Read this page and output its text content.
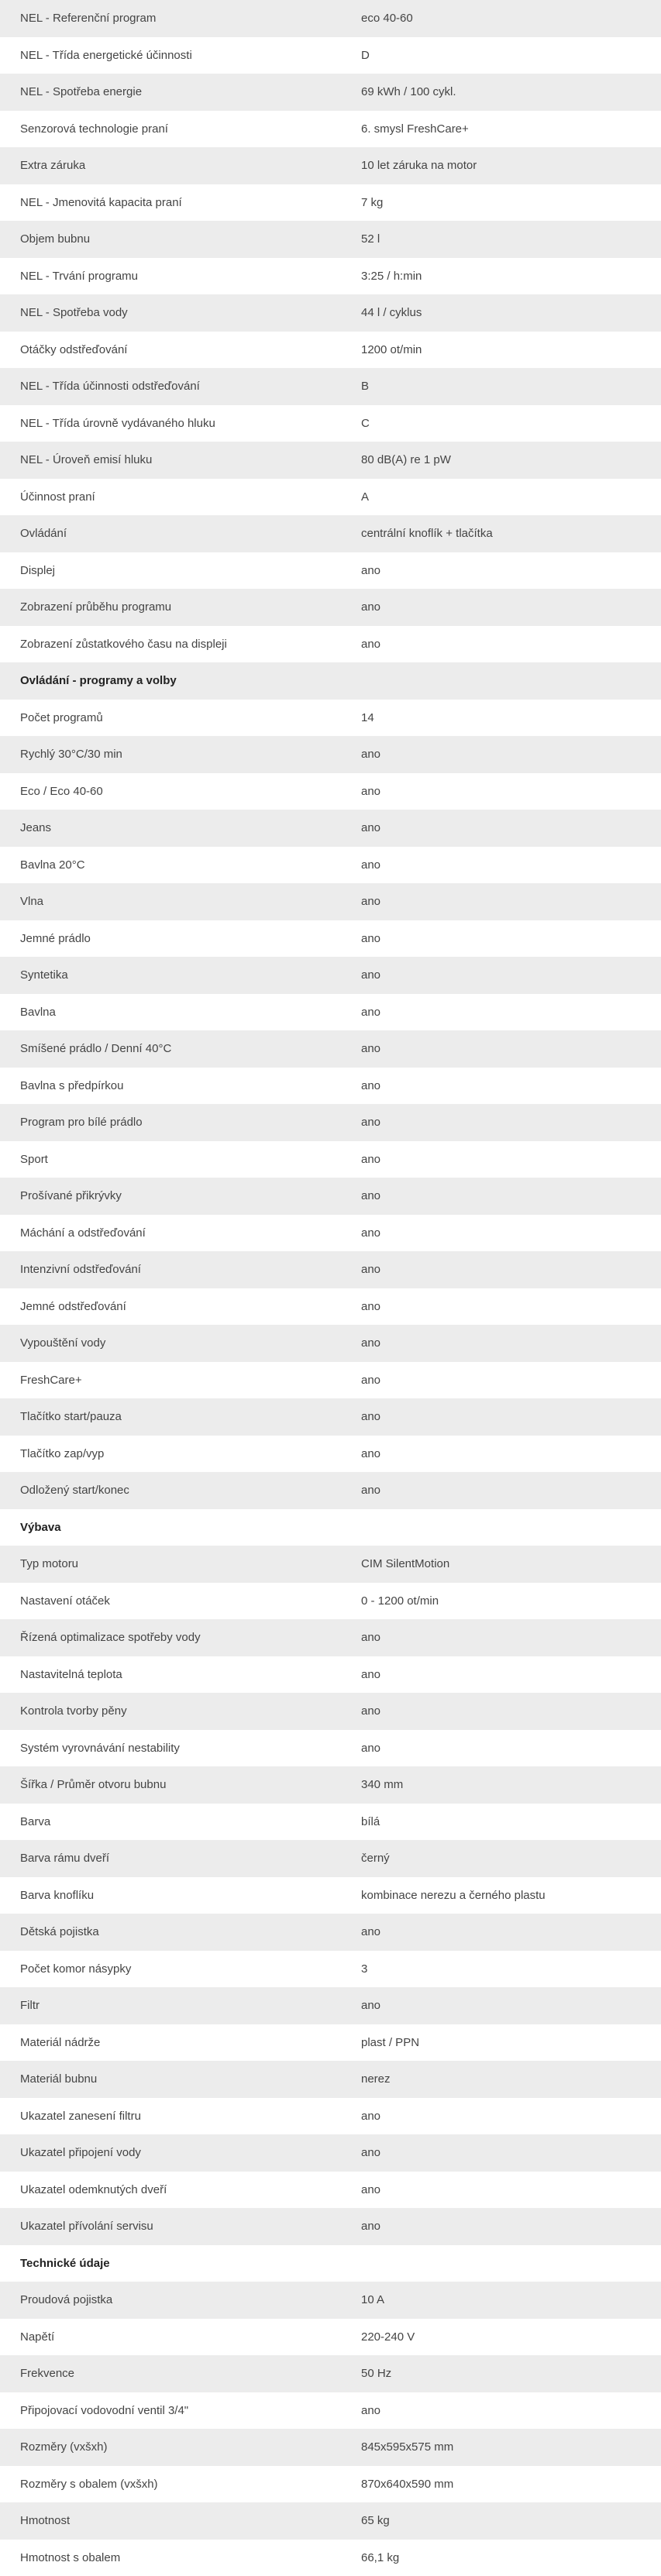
NEL - Referenční program	eco 40-60
NEL - Třída energetické účinnosti	D
NEL - Spotřeba energie	69 kWh / 100 cykl.
Senzorová technologie praní	6. smysl FreshCare+
Extra záruka	10 let záruka na motor
NEL - Jmenovitá kapacita praní	7 kg
Objem bubnu	52 l
NEL - Trvání programu	3:25 / h:min
NEL - Spotřeba vody	44 l / cyklus
Otáčky odstřeďování	1200 ot/min
NEL - Třída účinnosti odstřeďování	B
NEL - Třída úrovně vydávaného hluku	C
NEL - Úroveň emisí hluku	80 dB(A) re 1 pW
Účinnost praní	A
Ovládání	centrální knoflík + tlačítka
Displej	ano
Zobrazení průběhu programu	ano
Zobrazení zůstatkového času na displeji	ano
Ovládání - programy a volby
Počet programů	14
Rychlý 30°C/30 min	ano
Eco / Eco 40-60	ano
Jeans	ano
Bavlna 20°C	ano
Vlna	ano
Jemné prádlo	ano
Syntetika	ano
Bavlna	ano
Smíšené prádlo / Denní 40°C	ano
Bavlna s předpírkou	ano
Program pro bílé prádlo	ano
Sport	ano
Prošívané přikrývky	ano
Máchání a odstřeďování	ano
Intenzivní odstřeďování	ano
Jemné odstřeďování	ano
Vypouštění vody	ano
FreshCare+	ano
Tlačítko start/pauza	ano
Tlačítko zap/vyp	ano
Odložený start/konec	ano
Výbava
Typ motoru	CIM SilentMotion
Nastavení otáček	0 - 1200 ot/min
Řízená optimalizace spotřeby vody	ano
Nastavitelná teplota	ano
Kontrola tvorby pěny	ano
Systém vyrovnávání nestability	ano
Šířka / Průměr otvoru bubnu	340 mm
Barva	bílá
Barva rámu dveří	černý
Barva knoflíku	kombinace nerezu a černého plastu
Dětská pojistka	ano
Počet komor násypky	3
Filtr	ano
Materiál nádrže	plast / PPN
Materiál bubnu	nerez
Ukazatel zanesení filtru	ano
Ukazatel připojení vody	ano
Ukazatel odemknutých dveří	ano
Ukazatel přívolání servisu	ano
Technické údaje
Proudová pojistka	10 A
Napětí	220-240 V
Frekvence	50 Hz
Připojovací vodovodní ventil 3/4"	ano
Rozměry (vxšxh)	845x595x575 mm
Rozměry s obalem (vxšxh)	870x640x590 mm
Hmotnost	65 kg
Hmotnost s obalem	66,1 kg
